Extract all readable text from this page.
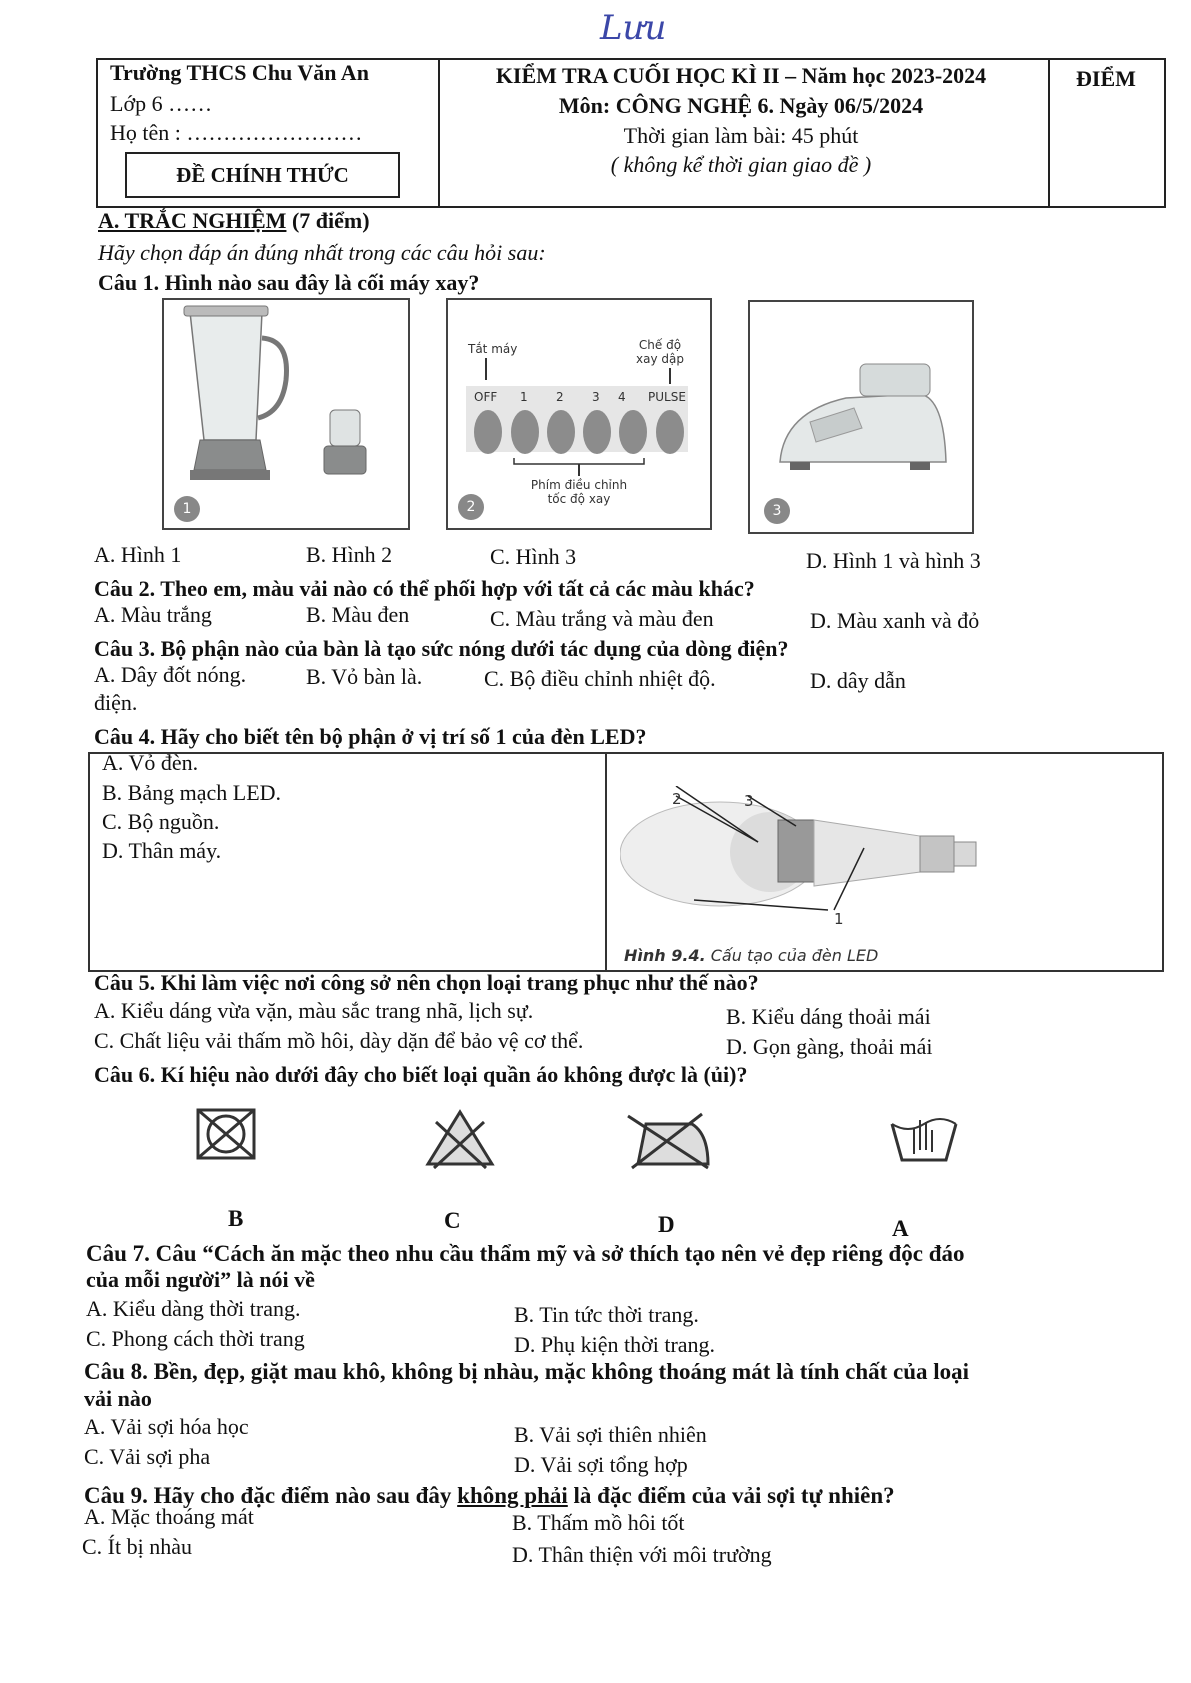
Lưu
Trường THCS Chu Văn An
Lớp 6 ……
Họ tên : ……………………
ĐỀ CHÍNH THỨC
KIỂM TRA CUỐI HỌC KÌ II – Năm học 2023-2024
Môn: CÔNG NGHỆ 6. Ngày 06/5/2024
Thời gian làm bài: 45 phút
( không kể thời gian giao đề )
ĐIỂM
A. TRẮC NGHIỆM (7 điểm)
Hãy chọn đáp án đúng nhất trong các câu hỏi sau:
Câu 1. Hình nào sau đây là cối máy xay?
1
Tắt máy	Chế độ xay dập
OFF 1 2 3 4 PULSE
Phím điều chỉnh tốc độ xay
2	3
A. Hình 1	B. Hình 2	C. Hình 3	D. Hình 1 và hình 3
Câu 2. Theo em, màu vải nào có thể phối hợp với tất cả các màu khác?
A. Màu trắng	B. Màu đen	C. Màu trắng và màu đen	D. Màu xanh và đỏ
Câu 3. Bộ phận nào của bàn là tạo sức nóng dưới tác dụng của dòng điện?
A. Dây đốt nóng.	B. Vỏ bàn là.	C. Bộ điều chỉnh nhiệt độ.	D. dây dẫn
điện.
Câu 4. Hãy cho biết tên bộ phận ở vị trí số 1 của đèn LED?
A. Vỏ đèn.
B. Bảng mạch LED.
C. Bộ nguồn.
D. Thân máy.
2	3
1
Hình 9.4. Cấu tạo của đèn LED
Câu 5. Khi làm việc nơi công sở nên chọn loại trang phục như thế nào?
A. Kiểu dáng vừa vặn, màu sắc trang nhã, lịch sự.	B. Kiểu dáng thoải mái
C. Chất liệu vải thấm mồ hôi, dày dặn để bảo vệ cơ thể.	D. Gọn gàng, thoải mái
Câu 6. Kí hiệu nào dưới đây cho biết loại quần áo không được là (ủi)?
B	C	D	A
Câu 7. Câu “Cách ăn mặc theo nhu cầu thẩm mỹ và sở thích tạo nên vẻ đẹp riêng độc đáo
của mỗi người” là nói về
A. Kiểu dàng thời trang.	B. Tin tức thời trang.
C. Phong cách thời trang	D. Phụ kiện thời trang.
Câu 8. Bền, đẹp, giặt mau khô, không bị nhàu, mặc không thoáng mát là tính chất của loại
vải nào
A. Vải sợi hóa học	B. Vải sợi thiên nhiên
C. Vải sợi pha	D. Vải sợi tổng hợp
Câu 9. Hãy cho đặc điểm nào sau đây không phải là đặc điểm của vải sợi tự nhiên?
A. Mặc thoáng mát	B. Thấm mồ hôi tốt
C. Ít bị nhàu	D. Thân thiện với môi trường
